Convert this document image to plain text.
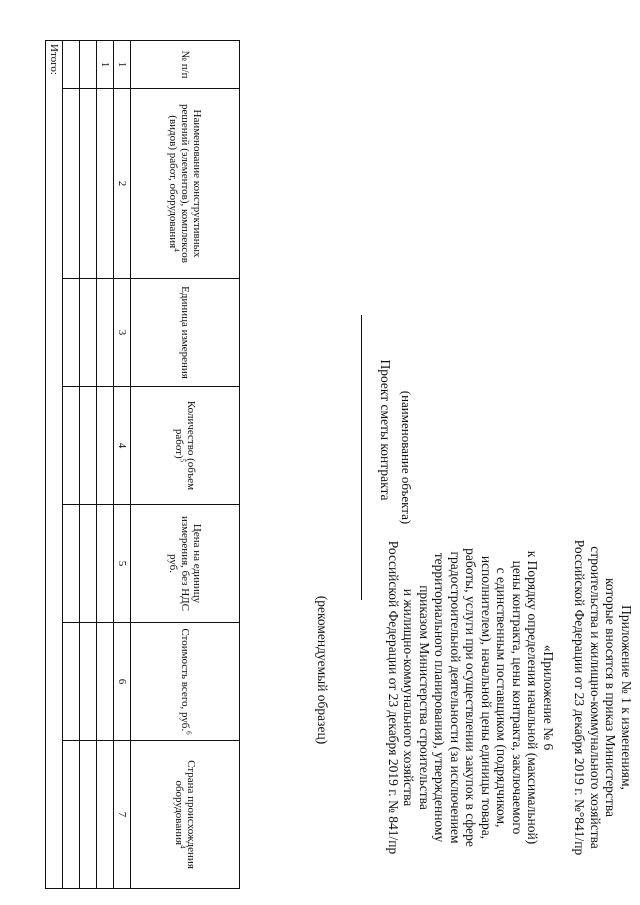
Приложение № 1 к изменениям,
которые вносятся в приказ Министерства
строительства и жилищно-коммунального хозяйства
Российской Федерации от 23 декабря 2019 г. №°841/пр
«Приложение № 6
к Порядку определения начальной (максимальной)
цены контракта, цены контракта, заключаемого
с единственным поставщиком (подрядчиком,
исполнителем), начальной цены единицы товара,
работы, услуги при осуществлении закупок в сфере
градостроительной деятельности (за исключением
территориального планирования), утвержденному
приказом Министерства строительства
и жилищно-коммунального хозяйства
Российской Федерации от 23 декабря 2019 г. № 841/пр
(рекомендуемый образец)
(наименование объекта)
Проект сметы контракта
№ п/п	Наименование конструктивных решений (элементов), комплексов (видов) работ, оборудования$^4$	Единица измерения	Количество (объем работ)$^5$	Цена на единицу измерения, без НДС руб.	Стоимость всего, руб.$^6$	Страна происхождения оборудования$^4$
1	2	3	4	5	6	7
1						

Итого:						
